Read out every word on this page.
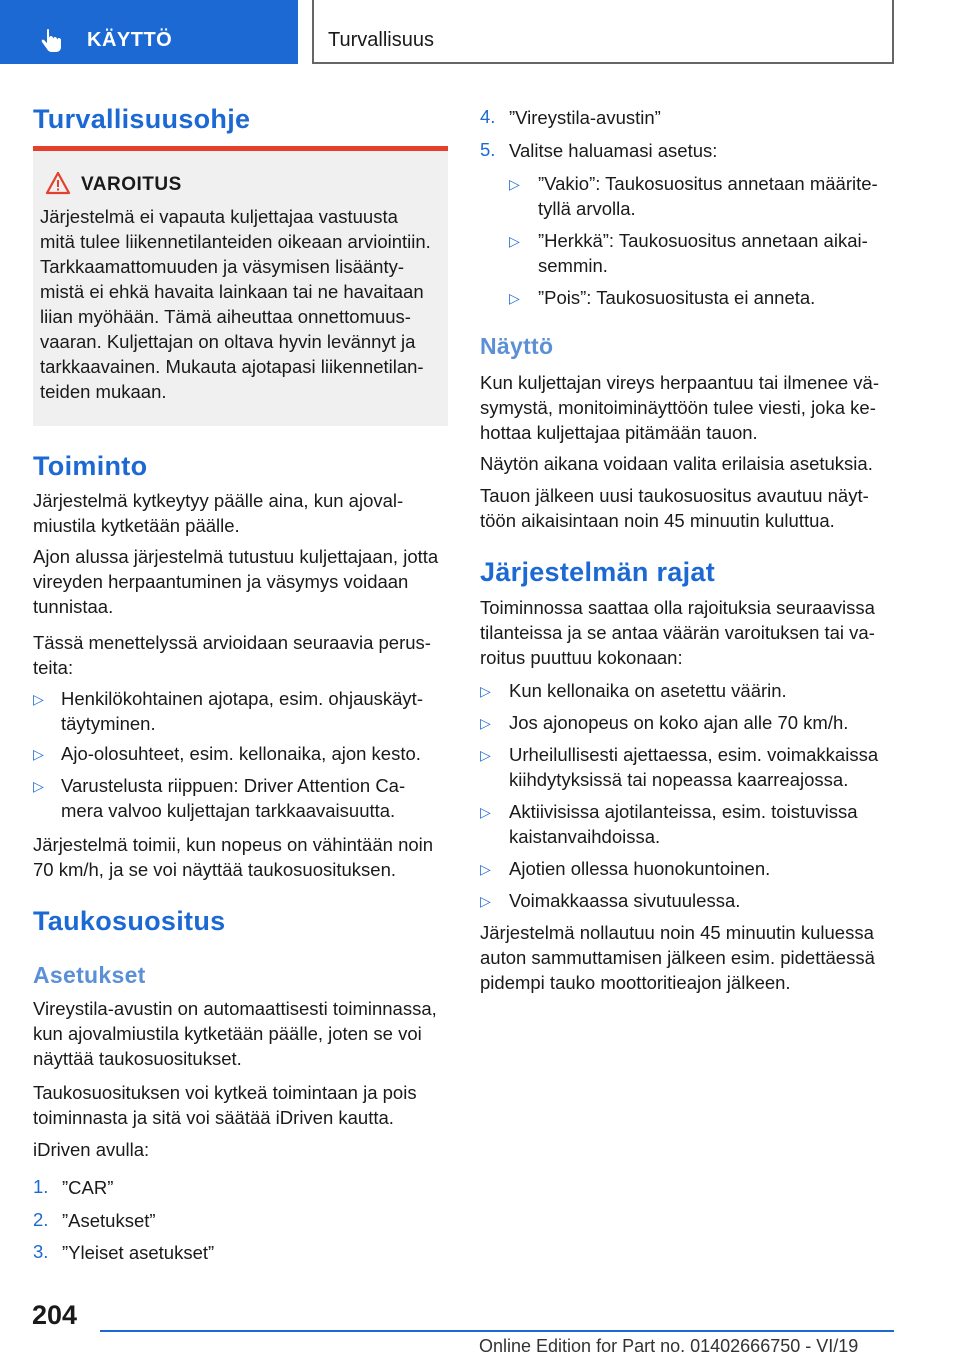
KÄYTTÖ	Turvallisuus
Turvallisuusohje
VAROITUS
Järjestelmä ei vapauta kuljettajaa vastuusta
mitä tulee liikennetilanteiden oikeaan arviointiin.
Tarkkaamattomuuden ja väsymisen lisäänty-
mistä ei ehkä havaita lainkaan tai ne havaitaan
liian myöhään. Tämä aiheuttaa onnettomuus-
vaaran. Kuljettajan on oltava hyvin levännyt ja
tarkkaavainen. Mukauta ajotapasi liikennetilan-
teiden mukaan.
Toiminto
Järjestelmä kytkeytyy päälle aina, kun ajoval-
miustila kytketään päälle.
Ajon alussa järjestelmä tutustuu kuljettajaan, jotta
vireyden herpaantuminen ja väsymys voidaan
tunnistaa.
Tässä menettelyssä arvioidaan seuraavia perus-
teita:
▷ Henkilökohtainen ajotapa, esim. ohjauskäyt-
täytyminen.
▷ Ajo-olosuhteet, esim. kellonaika, ajon kesto.
▷ Varustelusta riippuen: Driver Attention Ca-
mera valvoo kuljettajan tarkkaavaisuutta.
Järjestelmä toimii, kun nopeus on vähintään noin
70 km/h, ja se voi näyttää taukosuosituksen.
Taukosuositus
Asetukset
Vireystila-avustin on automaattisesti toiminnassa,
kun ajovalmiustila kytketään päälle, joten se voi
näyttää taukosuositukset.
Taukosuosituksen voi kytkeä toimintaan ja pois
toiminnasta ja sitä voi säätää iDriven kautta.
iDriven avulla:
1. ”CAR”
2. ”Asetukset”
3. ”Yleiset asetukset”
4. ”Vireystila-avustin”
5. Valitse haluamasi asetus:
▷ ”Vakio”: Taukosuositus annetaan määrite-
tyllä arvolla.
▷ ”Herkkä”: Taukosuositus annetaan aikai-
semmin.
▷ ”Pois”: Taukosuositusta ei anneta.
Näyttö
Kun kuljettajan vireys herpaantuu tai ilmenee vä-
symystä, monitoiminäyttöön tulee viesti, joka ke-
hottaa kuljettajaa pitämään tauon.
Näytön aikana voidaan valita erilaisia asetuksia.
Tauon jälkeen uusi taukosuositus avautuu näyt-
töön aikaisintaan noin 45 minuutin kuluttua.
Järjestelmän rajat
Toiminnossa saattaa olla rajoituksia seuraavissa
tilanteissa ja se antaa väärän varoituksen tai va-
roitus puuttuu kokonaan:
▷ Kun kellonaika on asetettu väärin.
▷ Jos ajonopeus on koko ajan alle 70 km/h.
▷ Urheilullisesti ajettaessa, esim. voimakkaissa
kiihdytyksissä tai nopeassa kaarreajossa.
▷ Aktiivisissa ajotilanteissa, esim. toistuvissa
kaistanvaihdoissa.
▷ Ajotien ollessa huonokuntoinen.
▷ Voimakkaassa sivutuulessa.
Järjestelmä nollautuu noin 45 minuutin kuluessa
auton sammuttamisen jälkeen esim. pidettäessä
pidempi tauko moottoritieajon jälkeen.
204
Online Edition for Part no. 01402666750 - VI/19
